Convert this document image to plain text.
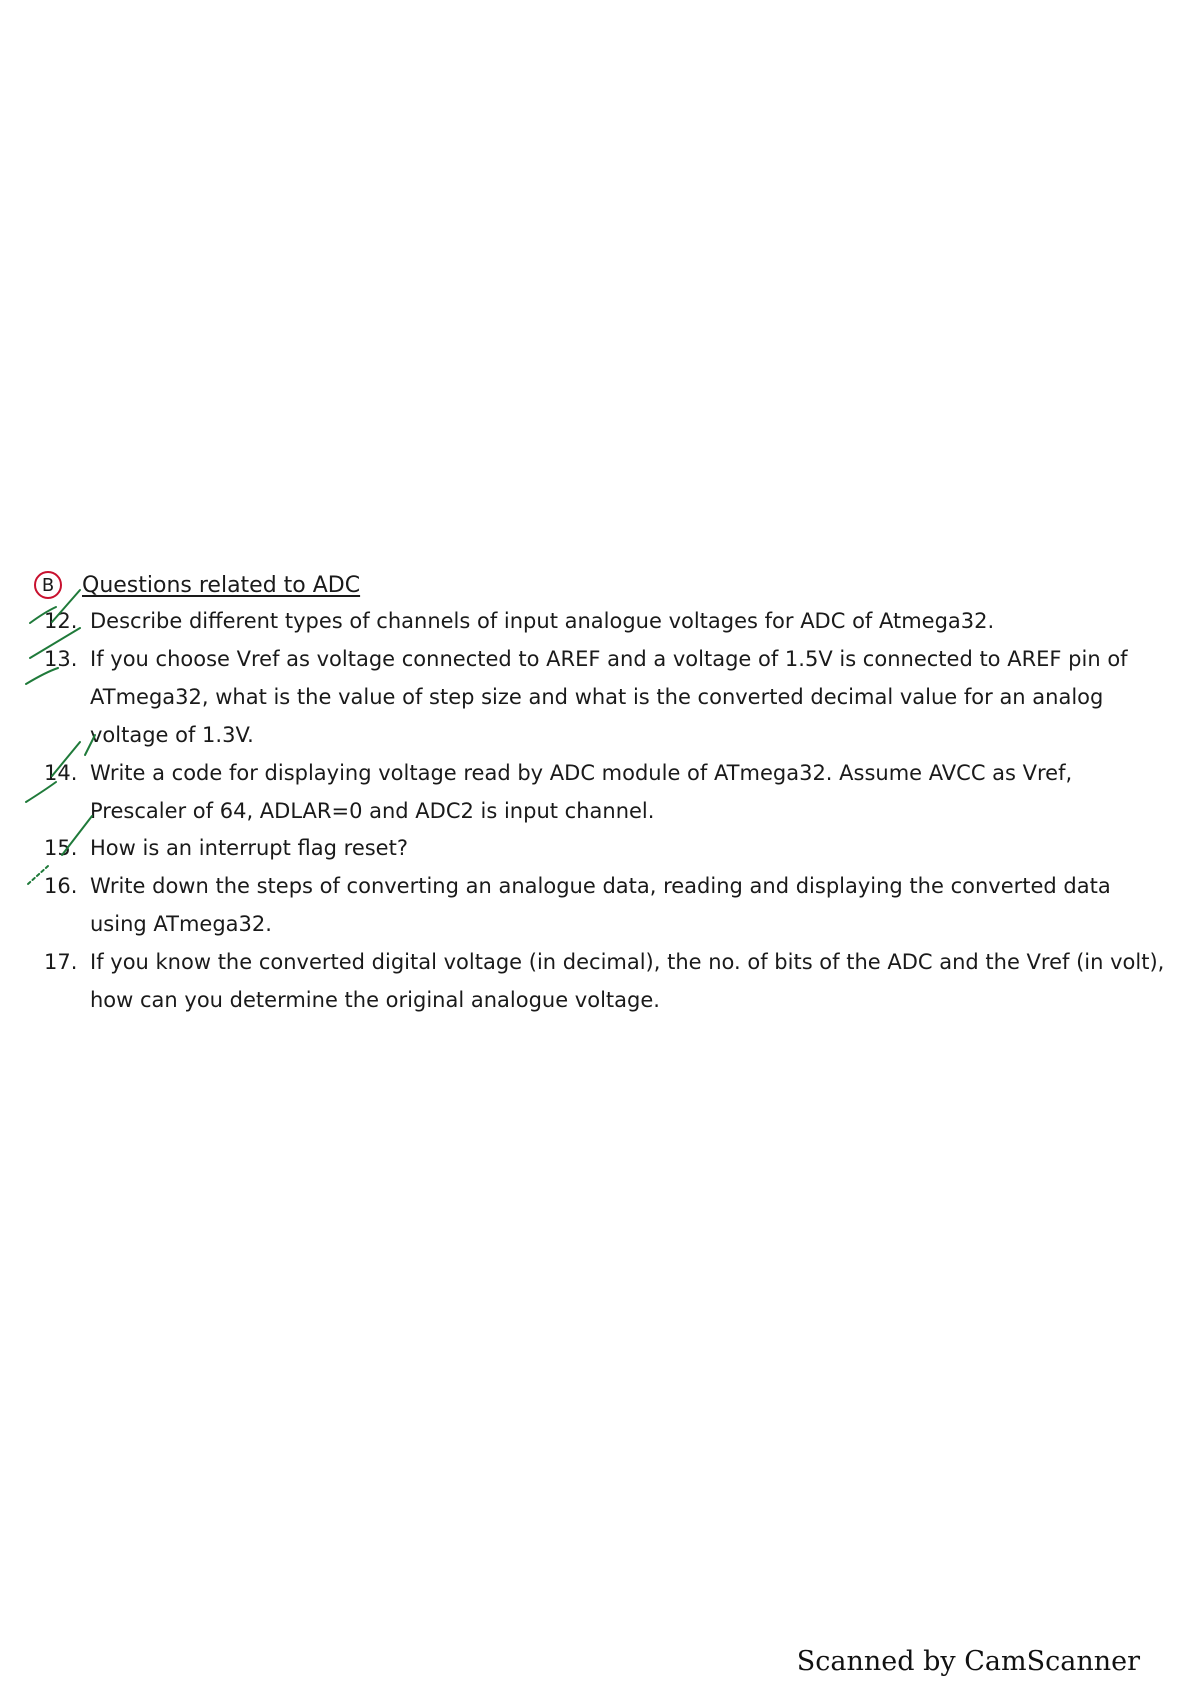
B	Questions related to ADC
12. Describe different types of channels of input analogue voltages for ADC of Atmega32.
13. If you choose Vref as voltage connected to AREF and a voltage of 1.5V is connected to AREF pin of ATmega32, what is the value of step size and what is the converted decimal value for an analog voltage of 1.3V.
14. Write a code for displaying voltage read by ADC module of ATmega32. Assume AVCC as Vref, Prescaler of 64, ADLAR=0 and ADC2 is input channel.
15. How is an interrupt flag reset?
16. Write down the steps of converting an analogue data, reading and displaying the converted data using ATmega32.
17. If you know the converted digital voltage (in decimal), the no. of bits of the ADC and the Vref (in volt), how can you determine the original analogue voltage.
Scanned by CamScanner
